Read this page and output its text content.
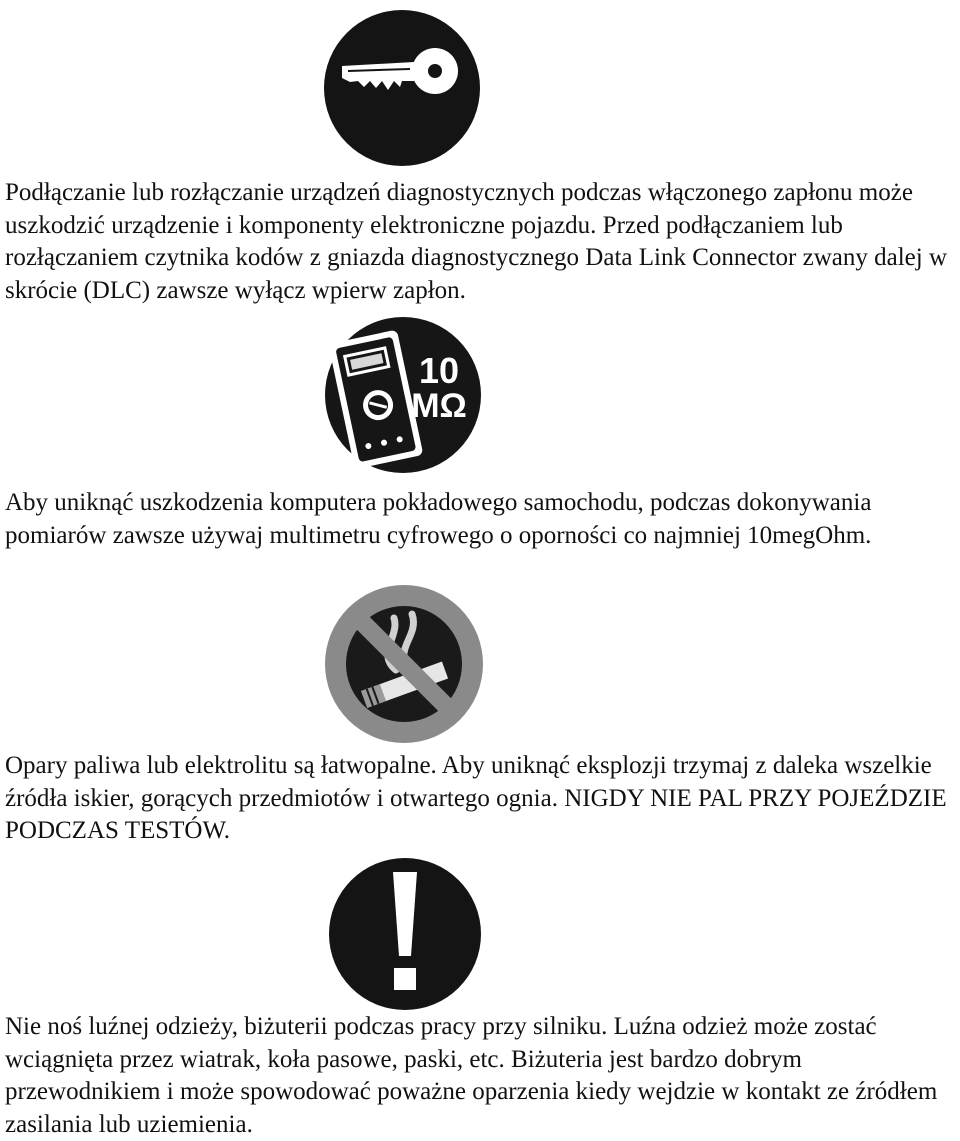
Podłączanie lub rozłączanie urządzeń diagnostycznych podczas włączonego zapłonu może uszkodzić urządzenie i komponenty elektroniczne pojazdu. Przed podłączaniem lub rozłączaniem czytnika kodów z gniazda diagnostycznego Data Link Connector zwany dalej w skrócie (DLC) zawsze wyłącz wpierw zapłon.

10
MΩ

Aby uniknąć uszkodzenia komputera pokładowego samochodu, podczas dokonywania pomiarów zawsze używaj multimetru cyfrowego o oporności co najmniej 10megOhm.

Opary paliwa lub elektrolitu są łatwopalne. Aby uniknąć eksplozji trzymaj z daleka wszelkie źródła iskier, gorących przedmiotów i otwartego ognia. NIGDY NIE PAL PRZY POJEŹDZIE PODCZAS TESTÓW.

Nie noś luźnej odzieży, biżuterii podczas pracy przy silniku. Luźna odzież może zostać wciągnięta przez wiatrak, koła pasowe, paski, etc. Biżuteria jest bardzo dobrym przewodnikiem i może spowodować poważne oparzenia kiedy wejdzie w kontakt ze źródłem zasilania lub uziemienia.
